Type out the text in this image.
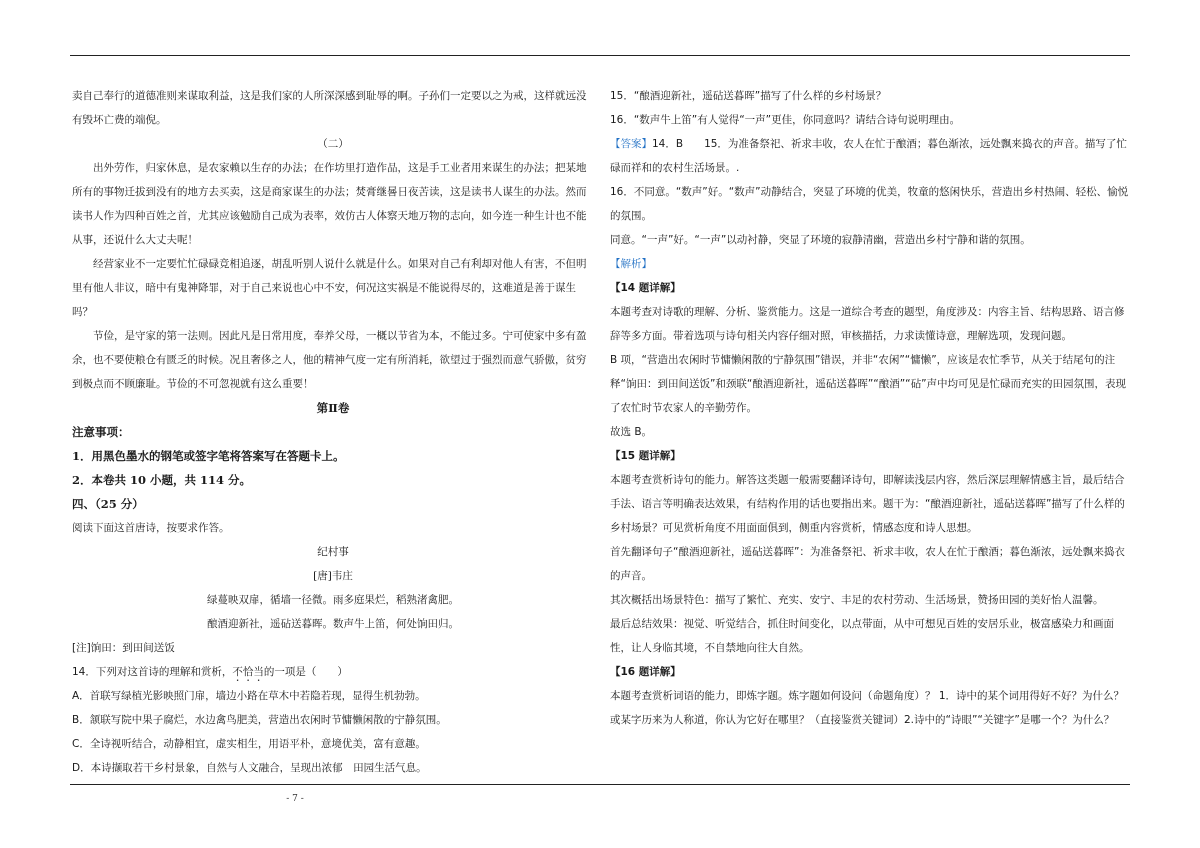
卖自己奉行的道德准则来谋取利益，这是我们家的人所深深感到耻辱的啊。子孙们一定要以之为戒，这样就远没有毁坏亡费的端倪。

（二）

出外劳作，归家休息，是农家赖以生存的办法；在作坊里打造作品，这是手工业者用来谋生的办法；把某地所有的事物迁拔到没有的地方去买卖，这是商家谋生的办法；焚膏继晷日夜苦读，这是读书人谋生的办法。然而读书人作为四种百姓之首，尤其应该勉励自己成为表率，效仿古人体察天地万物的志向，如今连一种生计也不能从事，还说什么大丈夫呢！

经营家业不一定要忙忙碌碌竞相追逐，胡乱听别人说什么就是什么。如果对自己有利却对他人有害，不但明里有他人非议，暗中有鬼神降罪，对于自己来说也心中不安，何况这实祸是不能说得尽的，这难道是善于谋生吗？

节俭，是守家的第一法则。因此凡是日常用度，奉养父母，一概以节省为本，不能过多。宁可使家中多有盈余，也不要使粮仓有匮乏的时候。况且奢侈之人，他的精神气度一定有所消耗，欲望过于强烈而意气骄傲，贫穷到极点而不顾廉耻。节俭的不可忽视就有这么重要！

第Ⅱ卷

注意事项：

1．用黑色墨水的钢笔或签字笔将答案写在答题卡上。

2．本卷共 10 小题，共 114 分。

四、（25 分）

阅读下面这首唐诗，按要求作答。

纪村事

[唐]韦庄

绿蔓映双扉，循墙一径微。雨多庭果烂，稻熟渚禽肥。

酿酒迎新社，遥砧送暮晖。数声牛上笛，何处饷田归。

[注]饷田：到田间送饭

14．下列对这首诗的理解和赏析，不恰当的一项是（　　）

A．首联写绿植光影映照门扉，墙边小路在草木中若隐若现，显得生机勃勃。

B．颔联写院中果子腐烂，水边禽鸟肥美，营造出农闲时节慵懒闲散的宁静氛围。

C．全诗视听结合，动静相宜，虚实相生，用语平朴，意境优美，富有意趣。

D．本诗撷取若干乡村景象，自然与人文融合，呈现出浓郁　田园生活气息。

15．“酿酒迎新社，遥砧送暮晖”描写了什么样的乡村场景？

16．“数声牛上笛”有人觉得“一声”更佳，你同意吗？请结合诗句说明理由。

【答案】14．B　　15．为准备祭祀、祈求丰收，农人在忙于酿酒；暮色渐浓，远处飘来捣衣的声音。描写了忙碌而祥和的农村生活场景。.

16．不同意。“数声”好。“数声”动静结合，突显了环境的优美，牧童的悠闲快乐，营造出乡村热闹、轻松、愉悦的氛围。

同意。“一声”好。“一声”以动衬静，突显了环境的寂静清幽，营造出乡村宁静和谐的氛围。

【解析】

【14 题详解】

本题考查对诗歌的理解、分析、鉴赏能力。这是一道综合考查的题型，角度涉及：内容主旨、结构思路、语言修辞等多方面。带着选项与诗句相关内容仔细对照，审核描括，力求读懂诗意，理解选项，发现问题。

B 项，“营造出农闲时节慵懒闲散的宁静氛围”错误，并非“农闲”“慵懒”，应该是农忙季节，从关于结尾句的注释“饷田：到田间送饭”和颈联“酿酒迎新社，遥砧送暮晖”“酿酒”“砧”声中均可见是忙碌而充实的田园氛围，表现了农忙时节农家人的辛勤劳作。

故选 B。

【15 题详解】

本题考查赏析诗句的能力。解答这类题一般需要翻译诗句，即解读浅层内容，然后深层理解情感主旨，最后结合手法、语言等明确表达效果，有结构作用的话也要指出来。题干为：“酿酒迎新社，遥砧送暮晖”描写了什么样的乡村场景？可见赏析角度不用面面俱到，侧重内容赏析，情感态度和诗人思想。

首先翻译句子“酿酒迎新社，遥砧送暮晖”：为准备祭祀、祈求丰收，农人在忙于酿酒；暮色渐浓，远处飘来捣衣的声音。

其次概括出场景特色：描写了繁忙、充实、安宁、丰足的农村劳动、生活场景，赞扬田园的美好怡人温馨。

最后总结效果：视觉、听觉结合，抓住时间变化，以点带面，从中可想见百姓的安居乐业，极富感染力和画面性，让人身临其境，不自禁地向往大自然。

【16 题详解】

本题考查赏析词语的能力，即炼字题。炼字题如何设问（命题角度）？ 1．诗中的某个词用得好不好？为什么？或某字历来为人称道，你认为它好在哪里？（直接鉴赏关键词）2.诗中的“诗眼”“关键字”是哪一个？为什么？

- 7 -
